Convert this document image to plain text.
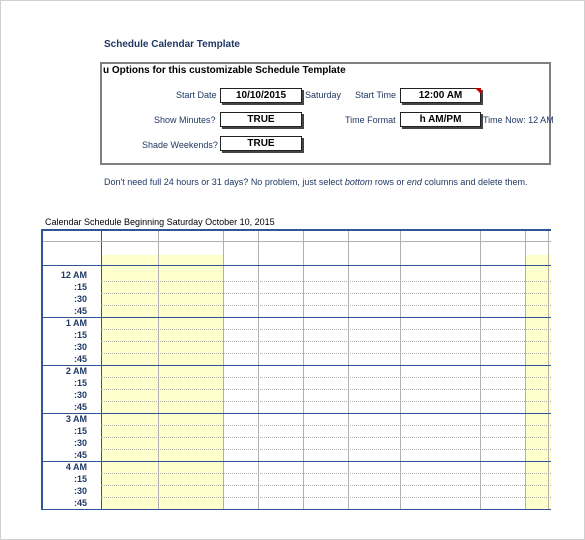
Schedule Calendar Template
u Options for this customizable Schedule Template
Start Date	10/10/2015	Saturday Start Time	12:00 AM
Show Minutes?	TRUE	Time Format	h AM/PM	Time Now: 12 AM
Shade Weekends?	TRUE
Don't need full 24 hours or 31 days? No problem, just select bottom rows or end columns and delete them.
Calendar Schedule Beginning Saturday October 10, 2015
12 AM
:15
:30
:45
1 AM
:15
:30
:45
2 AM
:15
:30
:45
3 AM
:15
:30
:45
4 AM
:15
:30
:45
